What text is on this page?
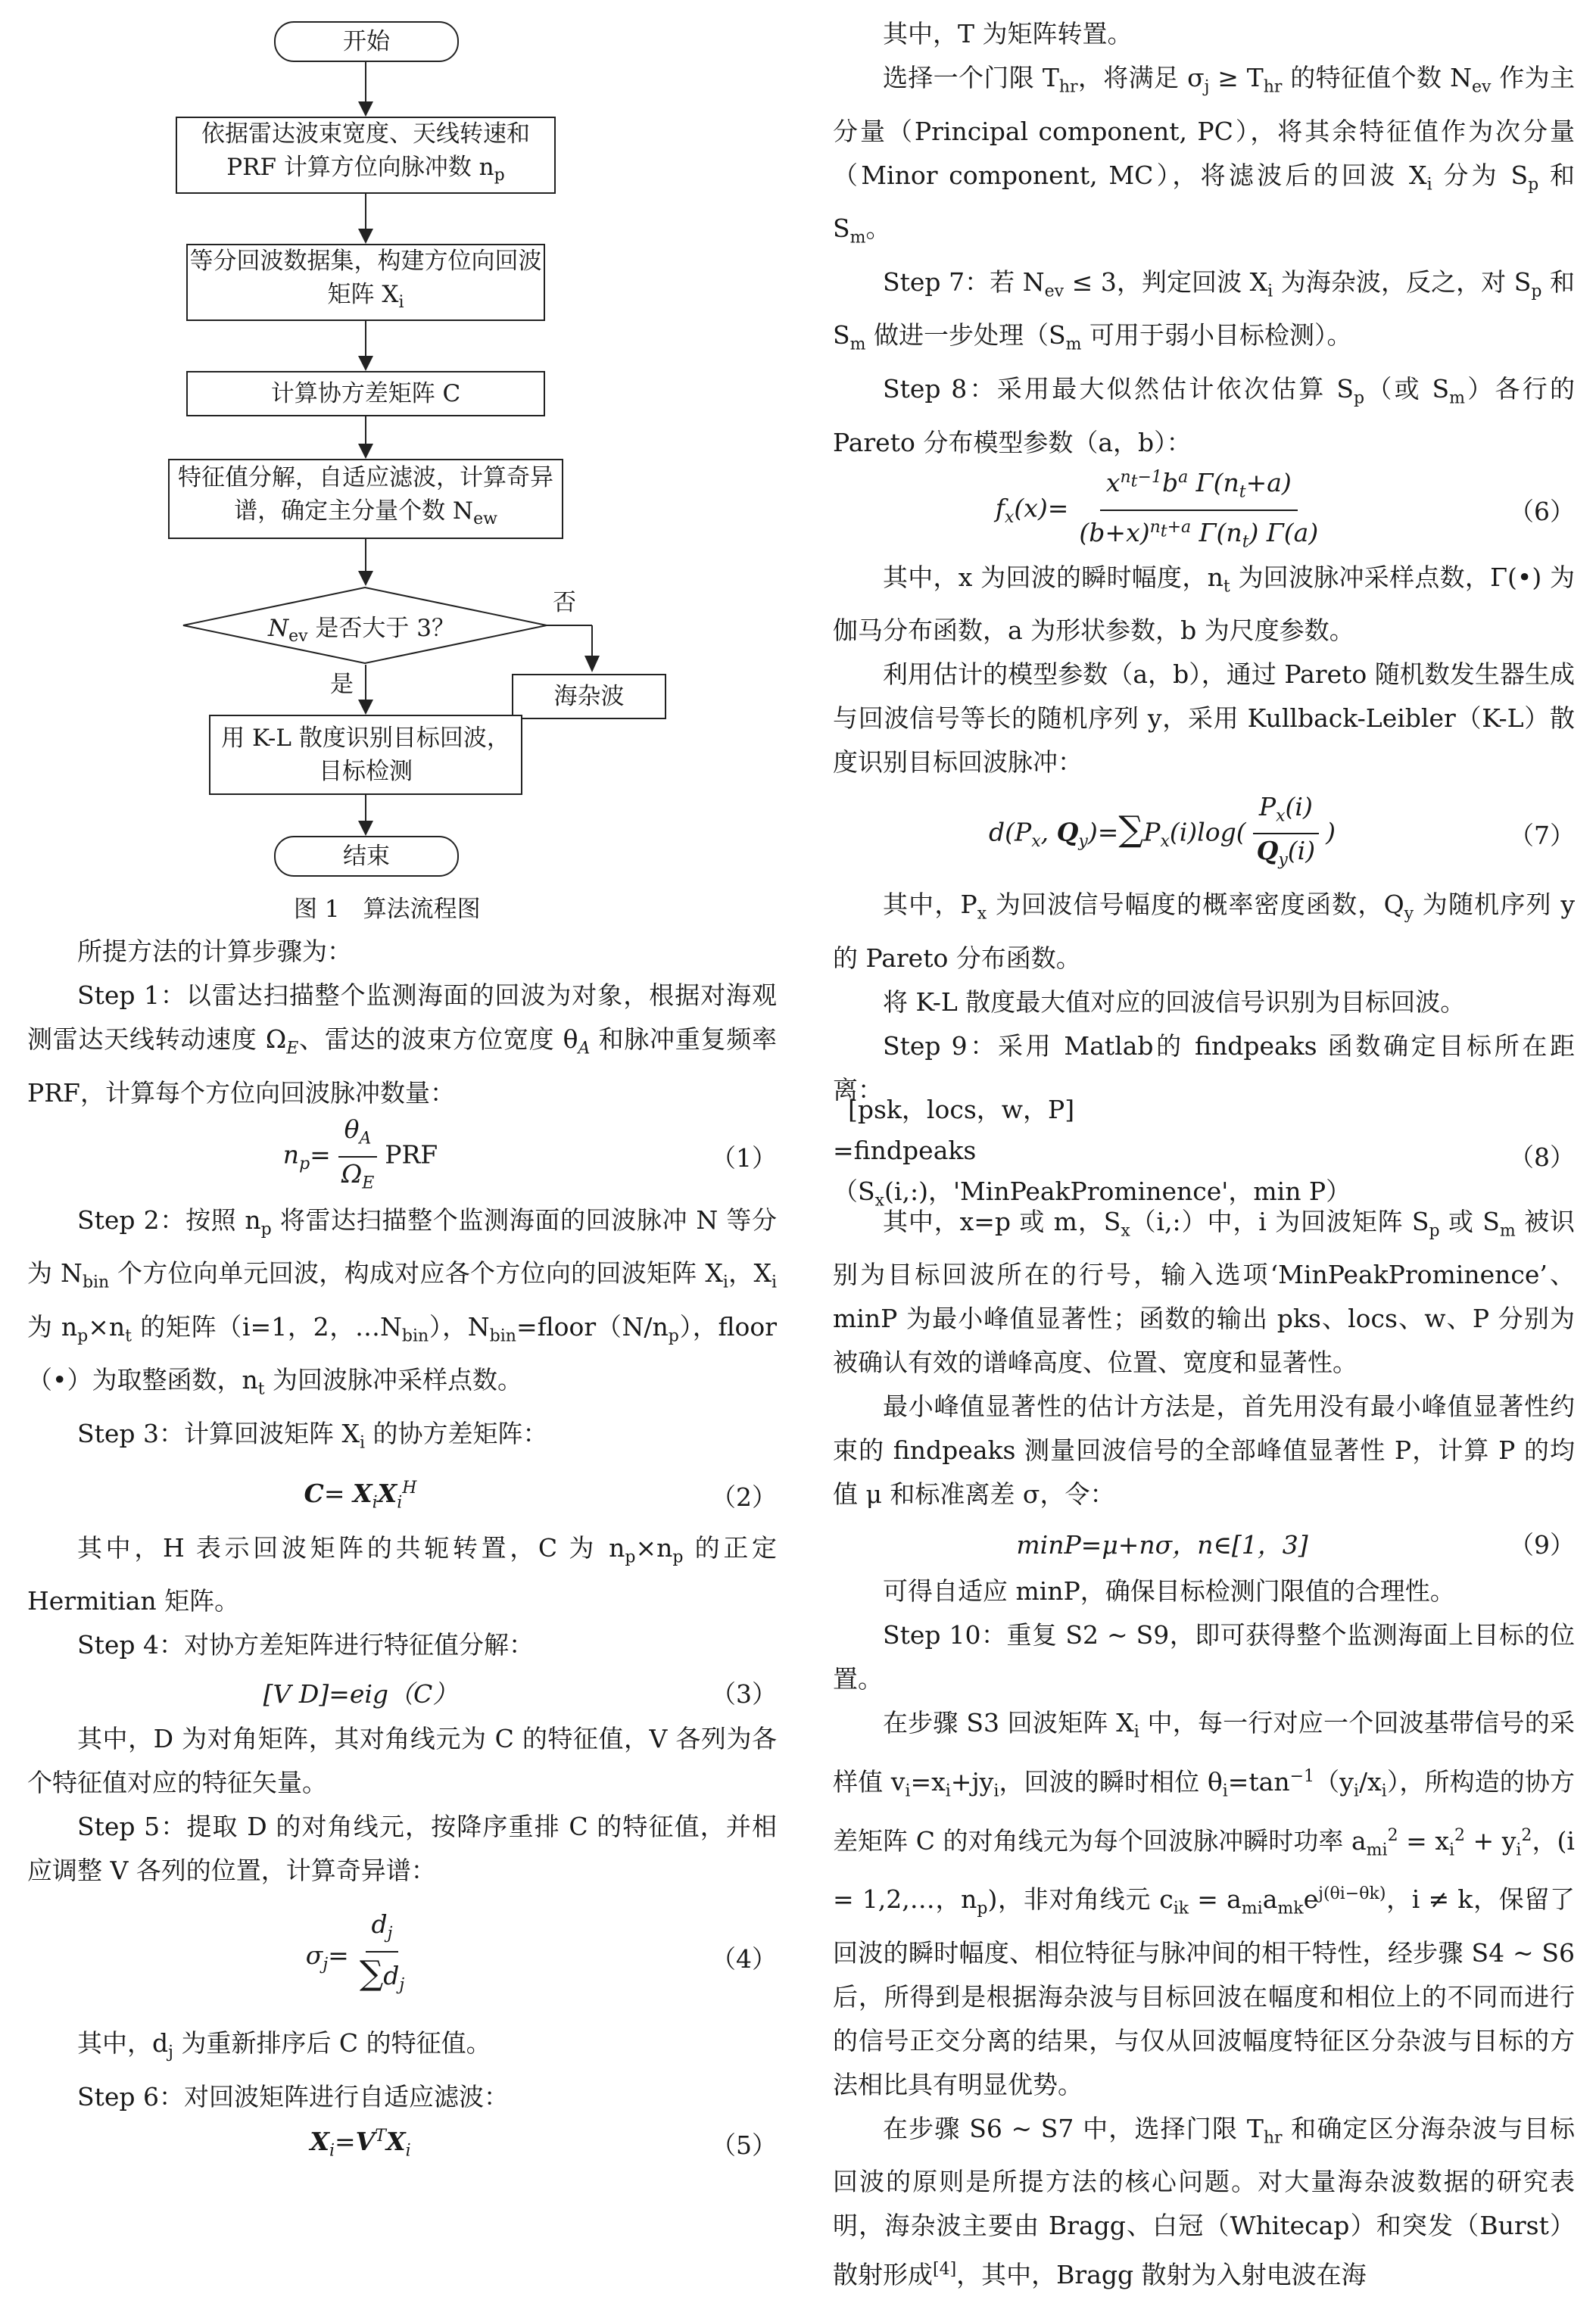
开始
依据雷达波束宽度、天线转速和 PRF 计算方位向脉冲数 $n_p$
等分回波数据集，构建方位向回波矩阵 $X_i$
计算协方差矩阵 C
特征值分解，自适应滤波，计算奇异谱，确定主分量个数 $N_{ew}$
$N_{ev}$ 是否大于 3？
否
海杂波
是
用 K-L 散度识别目标回波，目标检测
结束
图 1　算法流程图

所提方法的计算步骤为：

Step 1：以雷达扫描整个监测海面的回波为对象，根据对海观测雷达天线转动速度 $\Omega_E$、雷达的波束方位宽度 $\theta_A$ 和脉冲重复频率 PRF，计算每个方位向回波脉冲数量：

$n_p= \frac{\theta_A}{\Omega_E}$ PRF	（1）

Step 2：按照 $n_p$ 将雷达扫描整个监测海面的回波脉冲 N 等分为 $N_{bin}$ 个方位向单元回波，构成对应各个方位向的回波矩阵 $X_i$，$X_i$ 为 $n_p\times n_t$ 的矩阵（i=1，2，$\dots N_{bin}$），$N_{bin}=floor(N/n_p)$，floor（•）为取整函数，$n_t$ 为回波脉冲采样点数。

Step 3：计算回波矩阵 $X_i$ 的协方差矩阵：

$C= X_iX_i^H$	（2）

其中，H 表示回波矩阵的共轭转置，C 为 $n_p\times n_p$ 的正定 Hermitian 矩阵。

Step 4：对协方差矩阵进行特征值分解：

[V D]=eig（C）	（3）

其中，D 为对角矩阵，其对角线元为 C 的特征值，V 各列为各个特征值对应的特征矢量。

Step 5：提取 D 的对角线元，按降序重排 C 的特征值，并相应调整 V 各列的位置，计算奇异谱：

$\sigma_j= \frac{d_j}{\sum d_j}$	（4）

其中，$d_j$ 为重新排序后 C 的特征值。

Step 6：对回波矩阵进行自适应滤波：

$X_i=V^TX_i$	（5）

其中，T 为矩阵转置。

选择一个门限 $T_{hr}$，将满足 $\sigma_j \ge T_{hr}$ 的特征值个数 $N_{ev}$ 作为主分量（Principal component, PC），将其余特征值作为次分量（Minor component, MC），将滤波后的回波 $X_i$ 分为 $S_p$ 和 $S_m$。

Step 7：若 $N_{ev} \le 3$，判定回波 $X_i$ 为海杂波，反之，对 $S_p$ 和 $S_m$ 做进一步处理（$S_m$ 可用于弱小目标检测）。

Step 8：采用最大似然估计依次估算 $S_p$（或 $S_m$）各行的 Pareto 分布模型参数（a，b）：

$f_x(x)= \frac{x^{n_t-1}b^a \Gamma(n_t+a)}{(b+x)^{n_t+a} \Gamma(n_t) \Gamma(a)}$	（6）

其中，x 为回波的瞬时幅度，$n_t$ 为回波脉冲采样点数，Γ(•) 为伽马分布函数，a 为形状参数，b 为尺度参数。

利用估计的模型参数（a，b），通过 Pareto 随机数发生器生成与回波信号等长的随机序列 y，采用 Kullback-Leibler（K-L）散度识别目标回波脉冲：

$d(P_x$, $Q_y)=\sum P_x(i)\log( \frac{P_x(i)}{Q_y(i)}$ )	（7）

其中，$P_x$ 为回波信号幅度的概率密度函数，$Q_y$ 为随机序列 y 的 Pareto 分布函数。

将 K-L 散度最大值对应的回波信号识别为目标回波。

Step 9：采用 Matlab的 findpeaks 函数确定目标所在距离：

[psk，locs，w，P]
$=findpeaks(S_x(i,:)$，'MinPeakProminence'，min P）
（8）

其中，x=p 或 m，$S_x(i,:)$中，i 为回波矩阵 $S_p$ 或 $S_m$ 被识别为目标回波所在的行号，输入选项‘MinPeakProminence’、minP 为最小峰值显著性；函数的输出 pks、locs、w、P 分别为被确认有效的谱峰高度、位置、宽度和显著性。

最小峰值显著性的估计方法是，首先用没有最小峰值显著性约束的 findpeaks 测量回波信号的全部峰值显著性 P，计算 P 的均值 μ 和标准离差 σ，令：

minP=μ+nσ，n∈[1，3]	（9）

可得自适应 minP，确保目标检测门限值的合理性。

Step 10：重复 S2 ~ S9，即可获得整个监测海面上目标的位置。

在步骤 S3 回波矩阵 $X_i$ 中，每一行对应一个回波基带信号的采样值 $v_i=x_i+jy_i$，回波的瞬时相位 $\theta_i=\tan^{-1}(y_i/x_i)$，所构造的协方差矩阵 C 的对角线元为每个回波脉冲瞬时功率 $a_{mi}^2 = x_i^2 + y_i^2$，(i = 1,2,…，$n_p$)，非对角线元 $c_{ik} = a_{mi}a_{mk}e^{j(\theta i-\theta k)}$，i ≠ k，保留了回波的瞬时幅度、相位特征与脉冲间的相干特性，经步骤 S4 ~ S6 后，所得到是根据海杂波与目标回波在幅度和相位上的不同而进行的信号正交分离的结果，与仅从回波幅度特征区分杂波与目标的方法相比具有明显优势。

在步骤 S6 ~ S7 中，选择门限 $T_{hr}$ 和确定区分海杂波与目标回波的原则是所提方法的核心问题。对大量海杂波数据的研究表明，海杂波主要由 Bragg、白冠（Whitecap）和突发（Burst）散射形成[4]，其中，Bragg 散射为入射电波在海
